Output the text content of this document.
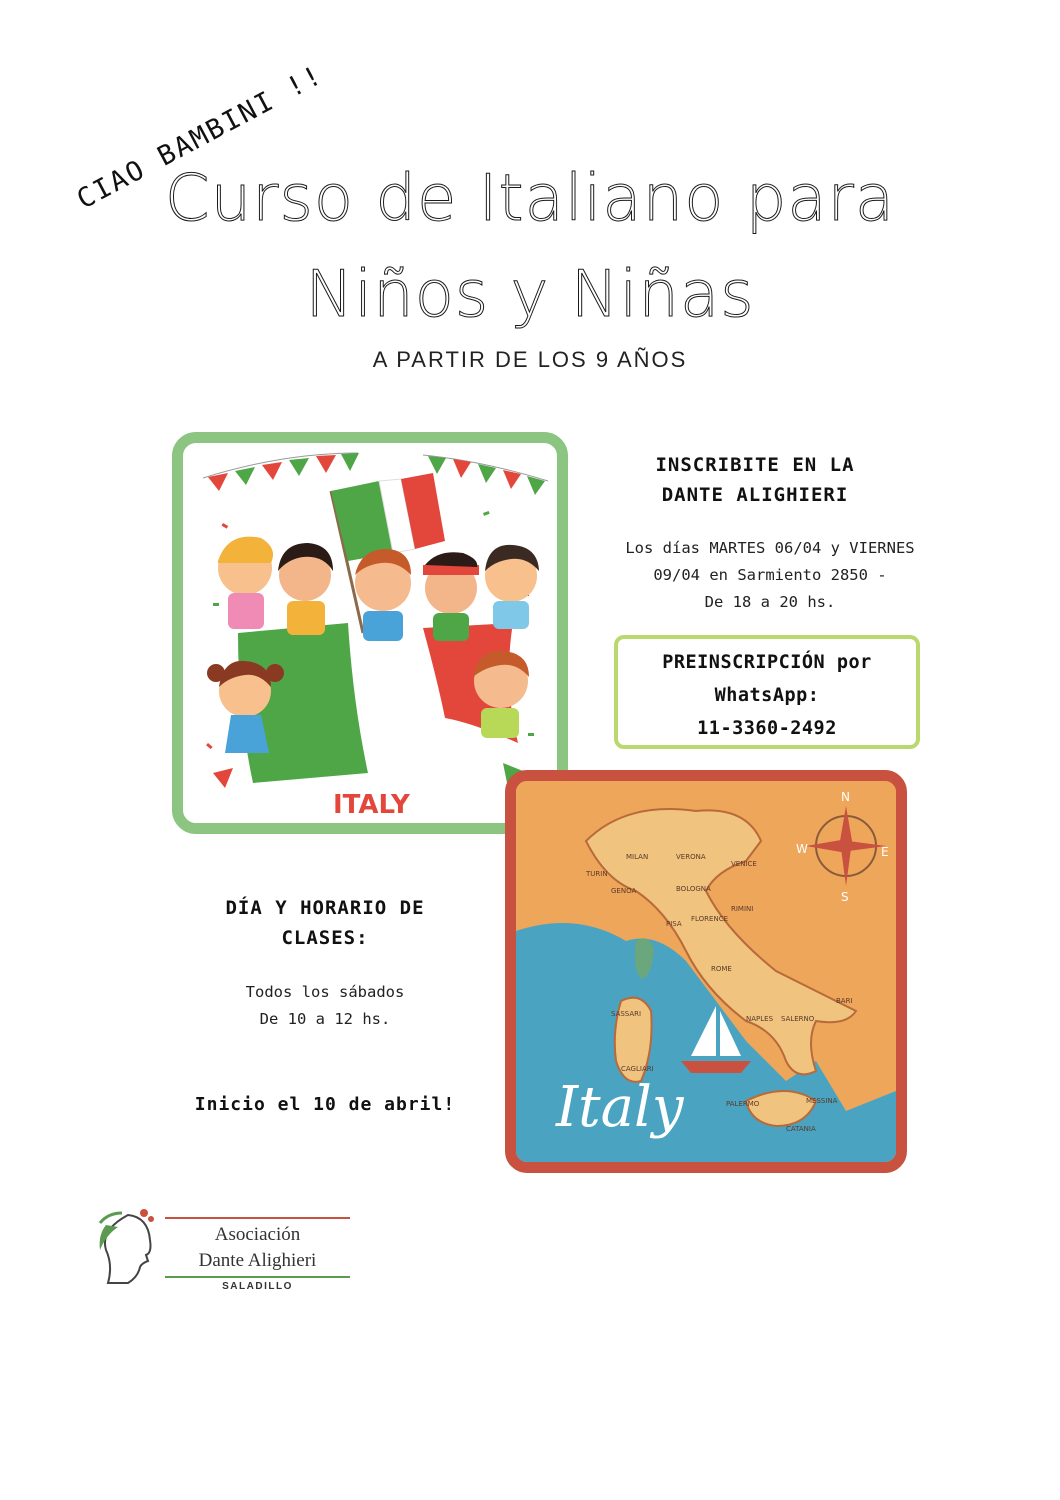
CIAO BAMBINI !!
Curso de Italiano para
Niños y Niñas
A PARTIR DE LOS 9 AÑOS
ITALY
INSCRIBITE EN LA
DANTE ALIGHIERI
Los días MARTES 06/04 y VIERNES
09/04 en Sarmiento 2850 -
De 18 a 20 hs.
PREINSCRIPCIÓN por
WhatsApp:
11-3360-2492
N
E
S
W
TURIN
MILAN	VERONA
VENICE
GENOA	BOLOGNA
PISA
FLORENCE
RIMINI
ROME
NAPLES
BARI
SALERNO
SASSARI
CAGLIARI
PALERMO	MESSINA
CATANIA
Italy
DÍA Y HORARIO DE
CLASES:
Todos los sábados
De 10 a 12 hs.
Inicio el 10 de abril!
Asociación
Dante Alighieri
SALADILLO
